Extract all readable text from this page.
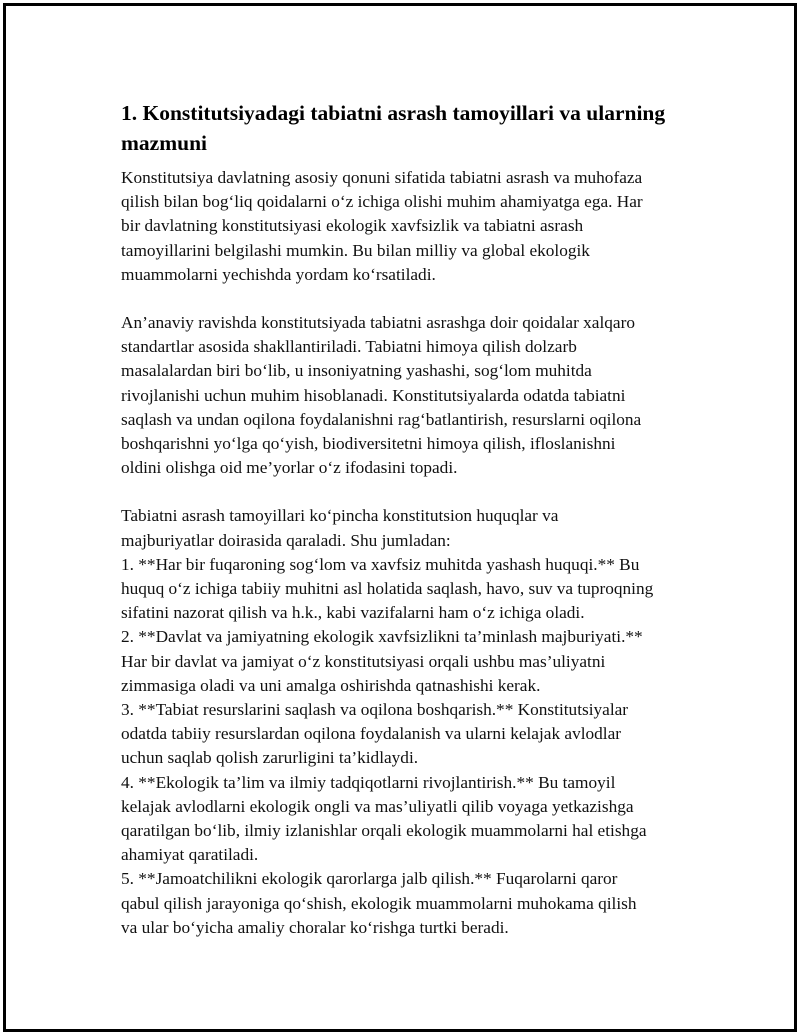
1. Konstitutsiyadagi tabiatni asrash tamoyillari va ularning
mazmuni

Konstitutsiya davlatning asosiy qonuni sifatida tabiatni asrash va muhofaza
qilish bilan bog‘liq qoidalarni o‘z ichiga olishi muhim ahamiyatga ega. Har
bir davlatning konstitutsiyasi ekologik xavfsizlik va tabiatni asrash
tamoyillarini belgilashi mumkin. Bu bilan milliy va global ekologik
muammolarni yechishda yordam ko‘rsatiladi.

An’anaviy ravishda konstitutsiyada tabiatni asrashga doir qoidalar xalqaro
standartlar asosida shakllantiriladi. Tabiatni himoya qilish dolzarb
masalalardan biri bo‘lib, u insoniyatning yashashi, sog‘lom muhitda
rivojlanishi uchun muhim hisoblanadi. Konstitutsiyalarda odatda tabiatni
saqlash va undan oqilona foydalanishni rag‘batlantirish, resurslarni oqilona
boshqarishni yo‘lga qo‘yish, biodiversitetni himoya qilish, ifloslanishni
oldini olishga oid me’yorlar o‘z ifodasini topadi.

Tabiatni asrash tamoyillari ko‘pincha konstitutsion huquqlar va
majburiyatlar doirasida qaraladi. Shu jumladan:
1. **Har bir fuqaroning sog‘lom va xavfsiz muhitda yashash huquqi.** Bu
huquq o‘z ichiga tabiiy muhitni asl holatida saqlash, havo, suv va tuproqning
sifatini nazorat qilish va h.k., kabi vazifalarni ham o‘z ichiga oladi.
2. **Davlat va jamiyatning ekologik xavfsizlikni ta’minlash majburiyati.**
Har bir davlat va jamiyat o‘z konstitutsiyasi orqali ushbu mas’uliyatni
zimmasiga oladi va uni amalga oshirishda qatnashishi kerak.
3. **Tabiat resurslarini saqlash va oqilona boshqarish.** Konstitutsiyalar
odatda tabiiy resurslardan oqilona foydalanish va ularni kelajak avlodlar
uchun saqlab qolish zarurligini ta’kidlaydi.
4. **Ekologik ta’lim va ilmiy tadqiqotlarni rivojlantirish.** Bu tamoyil
kelajak avlodlarni ekologik ongli va mas’uliyatli qilib voyaga yetkazishga
qaratilgan bo‘lib, ilmiy izlanishlar orqali ekologik muammolarni hal etishga
ahamiyat qaratiladi.
5. **Jamoatchilikni ekologik qarorlarga jalb qilish.** Fuqarolarni qaror
qabul qilish jarayoniga qo‘shish, ekologik muammolarni muhokama qilish
va ular bo‘yicha amaliy choralar ko‘rishga turtki beradi.
